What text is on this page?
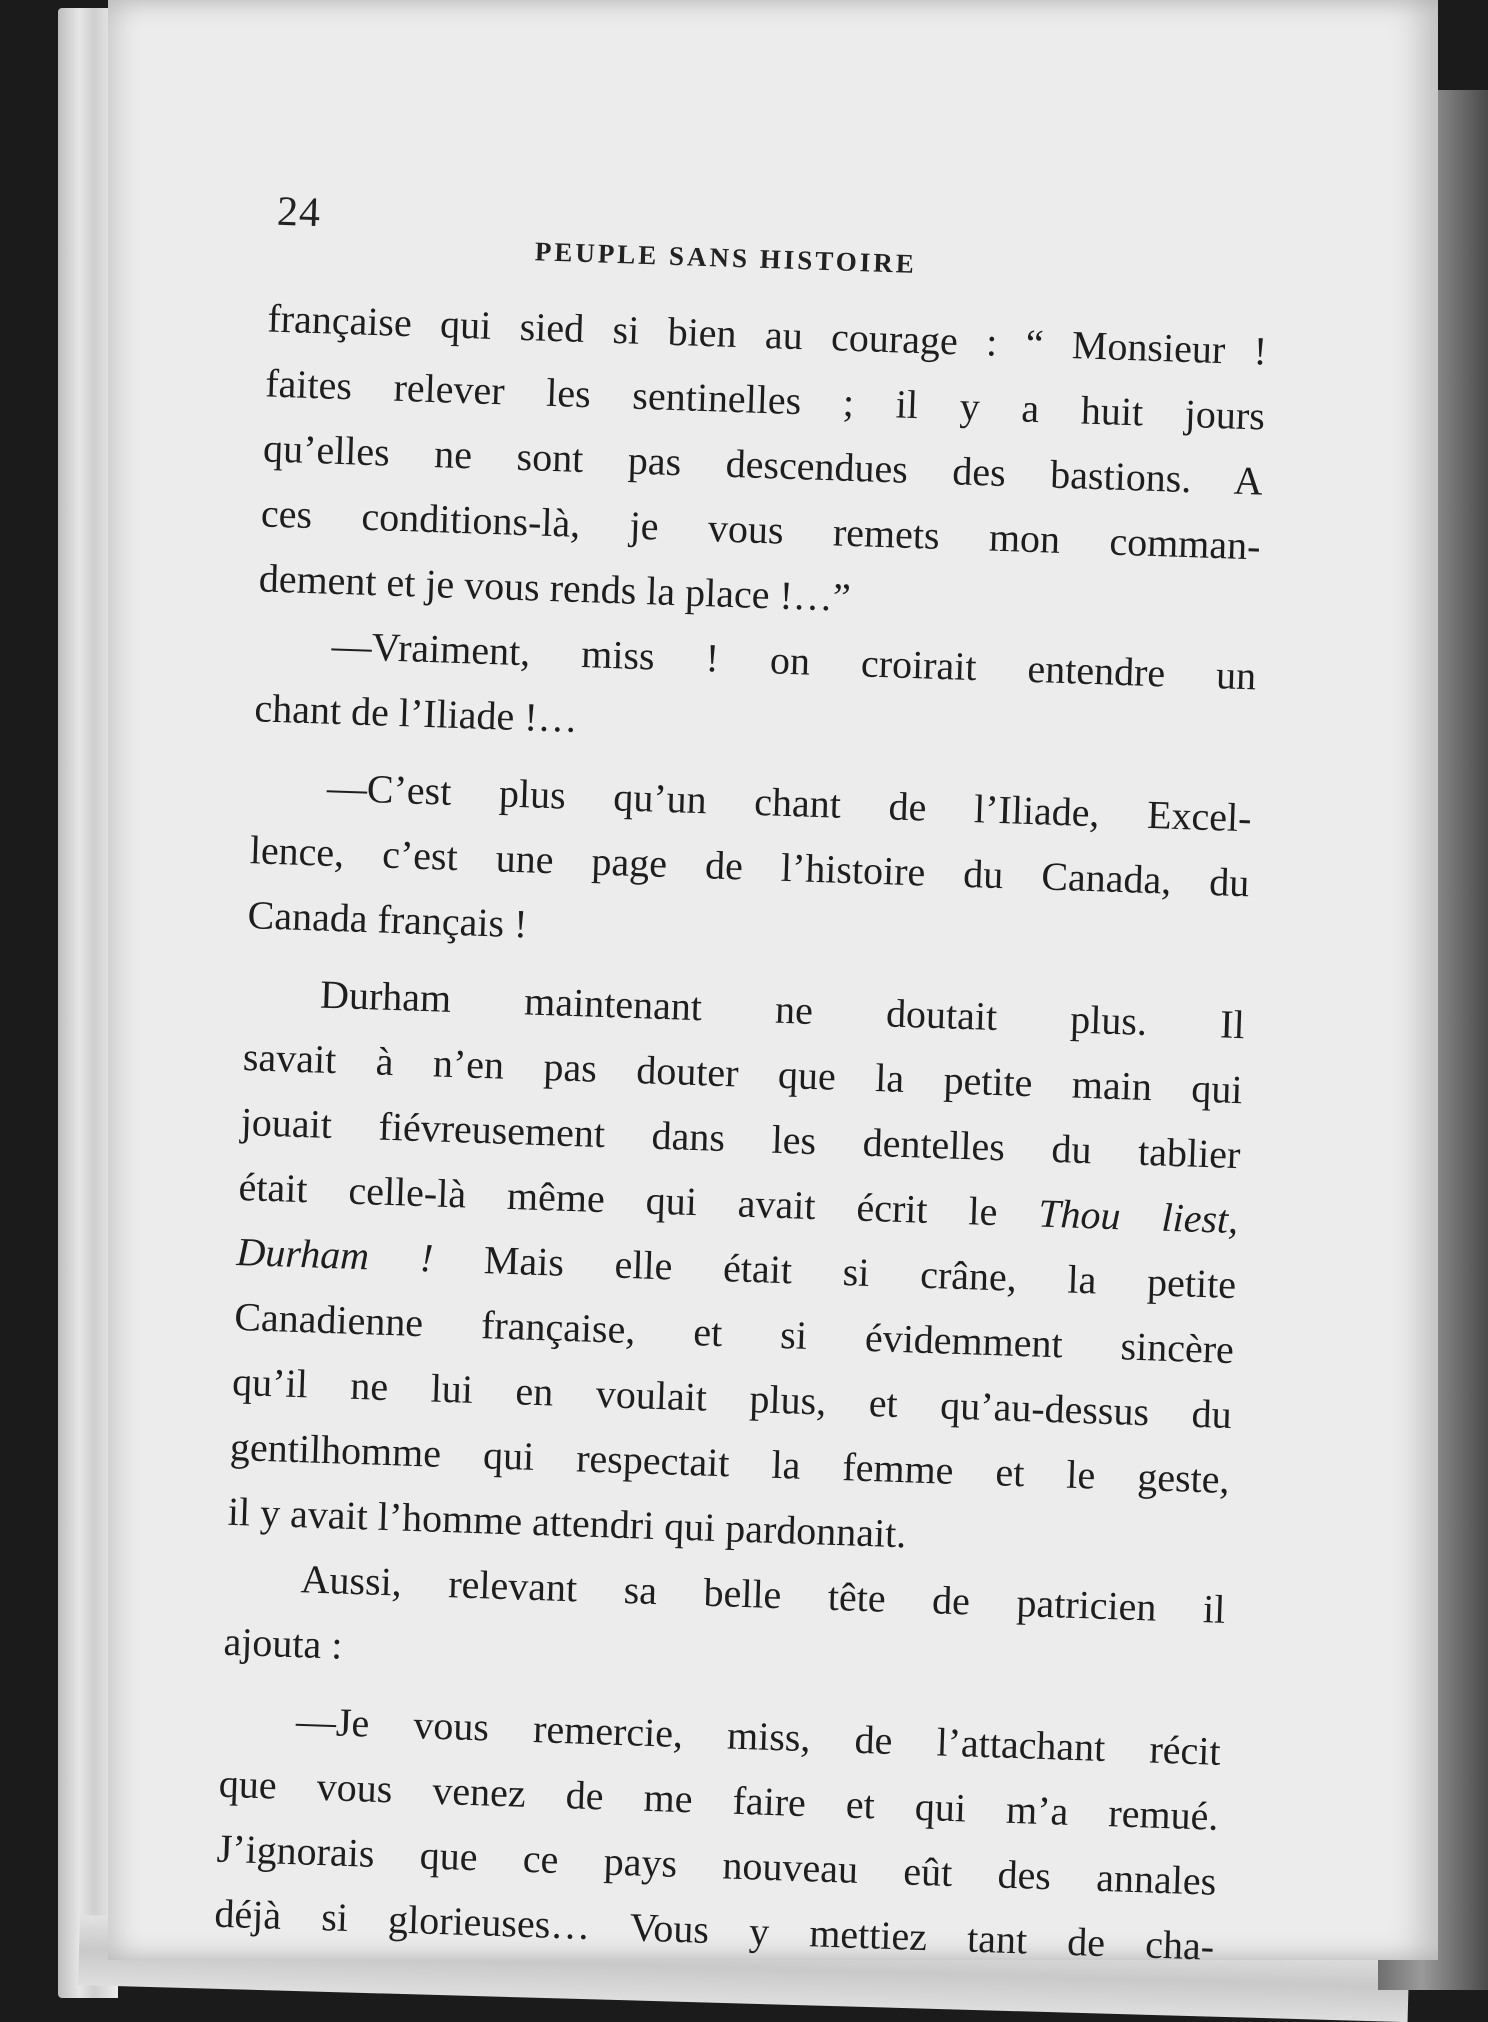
24
PEUPLE SANS HISTOIRE
française qui sied si bien au courage : “ Monsieur !
faites relever les sentinelles ; il y a huit jours
qu’elles ne sont pas descendues des bastions. A
ces conditions-là, je vous remets mon comman-
dement et je vous rends la place !…”
—Vraiment, miss ! on croirait entendre un
chant de l’Iliade !…
—C’est plus qu’un chant de l’Iliade, Excel-
lence, c’est une page de l’histoire du Canada, du
Canada français !
Durham maintenant ne doutait plus. Il
savait à n’en pas douter que la petite main qui
jouait fiévreusement dans les dentelles du tablier
était celle-là même qui avait écrit le Thou liest,
Durham ! Mais elle était si crâne, la petite
Canadienne française, et si évidemment sincère
qu’il ne lui en voulait plus, et qu’au-dessus du
gentilhomme qui respectait la femme et le geste,
il y avait l’homme attendri qui pardonnait.
Aussi, relevant sa belle tête de patricien il
ajouta :
—Je vous remercie, miss, de l’attachant récit
que vous venez de me faire et qui m’a remué.
J’ignorais que ce pays nouveau eût des annales
déjà si glorieuses… Vous y mettiez tant de cha-
